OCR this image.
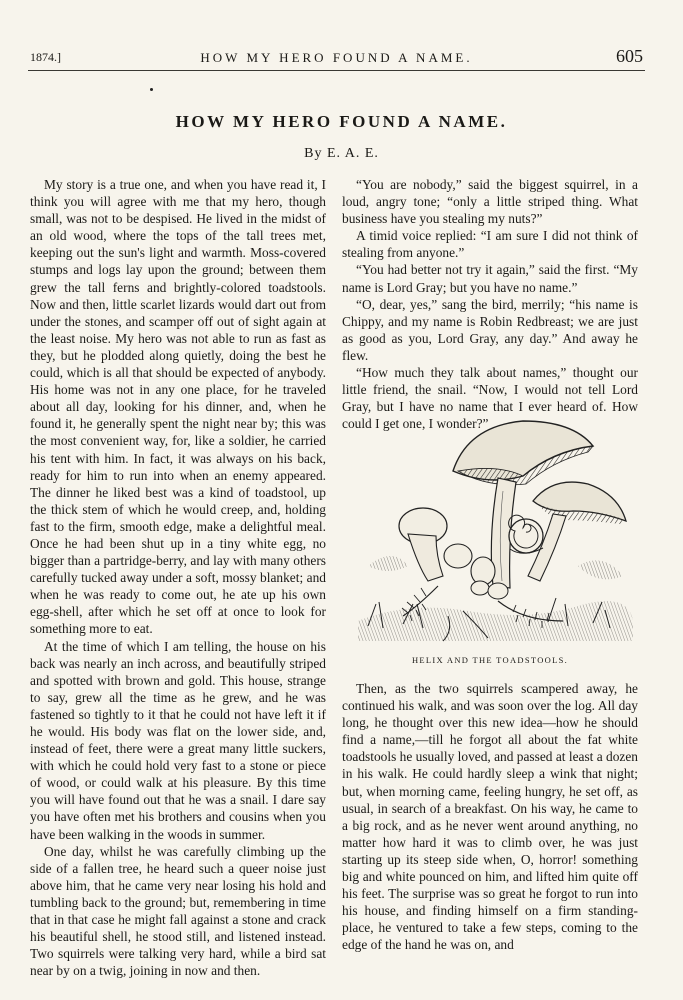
1874.]	HOW MY HERO FOUND A NAME.	605
HOW MY HERO FOUND A NAME.
By E. A. E.

My story is a true one, and when you have read it, I think you will agree with me that my hero, though small, was not to be despised. He lived in the midst of an old wood, where the tops of the tall trees met, keeping out the sun's light and warmth. Moss-covered stumps and logs lay upon the ground; between them grew the tall ferns and brightly-colored toadstools. Now and then, little scarlet lizards would dart out from under the stones, and scamper off out of sight again at the least noise. My hero was not able to run as fast as they, but he plodded along quietly, doing the best he could, which is all that should be expected of anybody. His home was not in any one place, for he traveled about all day, looking for his dinner, and, when he found it, he generally spent the night near by; this was the most convenient way, for, like a soldier, he carried his tent with him. In fact, it was always on his back, ready for him to run into when an enemy appeared. The dinner he liked best was a kind of toadstool, up the thick stem of which he would creep, and, holding fast to the firm, smooth edge, make a delightful meal. Once he had been shut up in a tiny white egg, no bigger than a partridge-berry, and lay with many others carefully tucked away under a soft, mossy blanket; and when he was ready to come out, he ate up his own egg-shell, after which he set off at once to look for something more to eat.

At the time of which I am telling, the house on his back was nearly an inch across, and beautifully striped and spotted with brown and gold. This house, strange to say, grew all the time as he grew, and he was fastened so tightly to it that he could not have left it if he would. His body was flat on the lower side, and, instead of feet, there were a great many little suckers, with which he could hold very fast to a stone or piece of wood, or could walk at his pleasure. By this time you will have found out that he was a snail. I dare say you have often met his brothers and cousins when you have been walking in the woods in summer.

One day, whilst he was carefully climbing up the side of a fallen tree, he heard such a queer noise just above him, that he came very near losing his hold and tumbling back to the ground; but, remembering in time that in that case he might fall against a stone and crack his beautiful shell, he stood still, and listened instead. Two squirrels were talking very hard, while a bird sat near by on a twig, joining in now and then.

“You are nobody,” said the biggest squirrel, in a loud, angry tone; “only a little striped thing. What business have you stealing my nuts?”

A timid voice replied: “I am sure I did not think of stealing from anyone.”

“You had better not try it again,” said the first. “My name is Lord Gray; but you have no name.”

“O, dear, yes,” sang the bird, merrily; “his name is Chippy, and my name is Robin Redbreast; we are just as good as you, Lord Gray, any day.” And away he flew.

“How much they talk about names,” thought our little friend, the snail. “Now, I would not tell Lord Gray, but I have no name that I ever heard of. How could I get one, I wonder?”

HELIX AND THE TOADSTOOLS.

Then, as the two squirrels scampered away, he continued his walk, and was soon over the log. All day long, he thought over this new idea—how he should find a name,—till he forgot all about the fat white toadstools he usually loved, and passed at least a dozen in his walk. He could hardly sleep a wink that night; but, when morning came, feeling hungry, he set off, as usual, in search of a breakfast. On his way, he came to a big rock, and as he never went around anything, no matter how hard it was to climb over, he was just starting up its steep side when, O, horror! something big and white pounced on him, and lifted him quite off his feet. The surprise was so great he forgot to run into his house, and finding himself on a firm standing-place, he ventured to take a few steps, coming to the edge of the hand he was on, and
